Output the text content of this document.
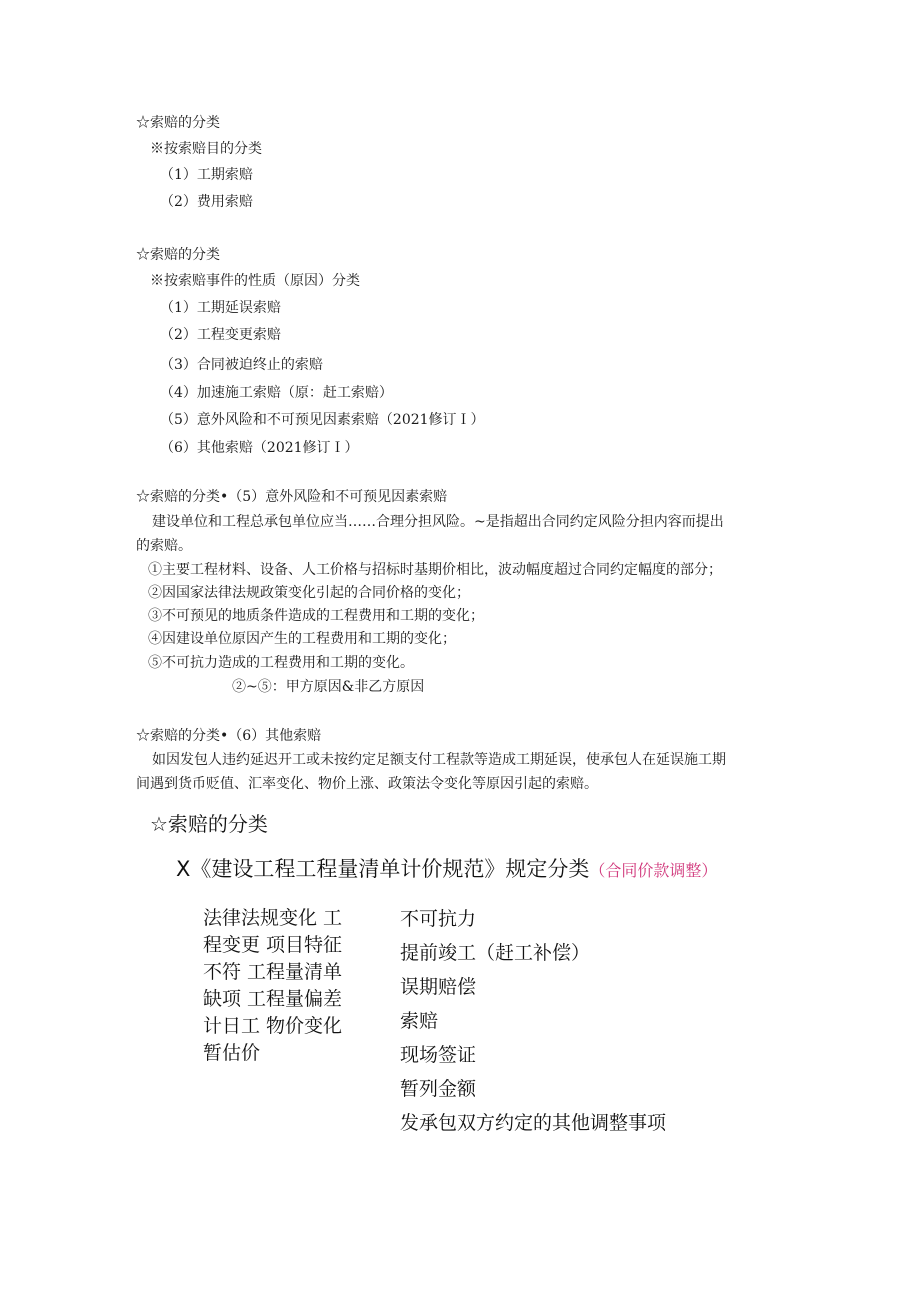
☆索赔的分类
※按索赔目的分类
（1）工期索赔
（2）费用索赔
☆索赔的分类
※按索赔事件的性质（原因）分类
（1）工期延误索赔
（2）工程变更索赔
（3）合同被迫终止的索赔
（4）加速施工索赔（原：赶工索赔）
（5）意外风险和不可预见因素索赔（2021修订Ｉ）
（6）其他索赔（2021修订Ｉ）
☆索赔的分类•（5）意外风险和不可预见因素索赔
建设单位和工程总承包单位应当……合理分担风险。~是指超出合同约定风险分担内容而提出
的索赔。
①主要工程材料、设备、人工价格与招标时基期价相比，波动幅度超过合同约定幅度的部分；
②因国家法律法规政策变化引起的合同价格的变化；
③不可预见的地质条件造成的工程费用和工期的变化；
④因建设单位原因产生的工程费用和工期的变化；
⑤不可抗力造成的工程费用和工期的变化。
②~⑤：甲方原因&非乙方原因
☆索赔的分类•（6）其他索赔
如因发包人违约延迟开工或未按约定足额支付工程款等造成工期延误，使承包人在延误施工期
间遇到货币贬值、汇率变化、物价上涨、政策法令变化等原因引起的索赔。
☆索赔的分类
X《建设工程工程量清单计价规范》规定分类（合同价款调整）
法律法规变化 工
程变更 项目特征
不符 工程量清单
缺项 工程量偏差
计日工 物价变化
暂估价
不可抗力
提前竣工（赶工补偿）
误期赔偿
索赔
现场签证
暂列金额
发承包双方约定的其他调整事项
